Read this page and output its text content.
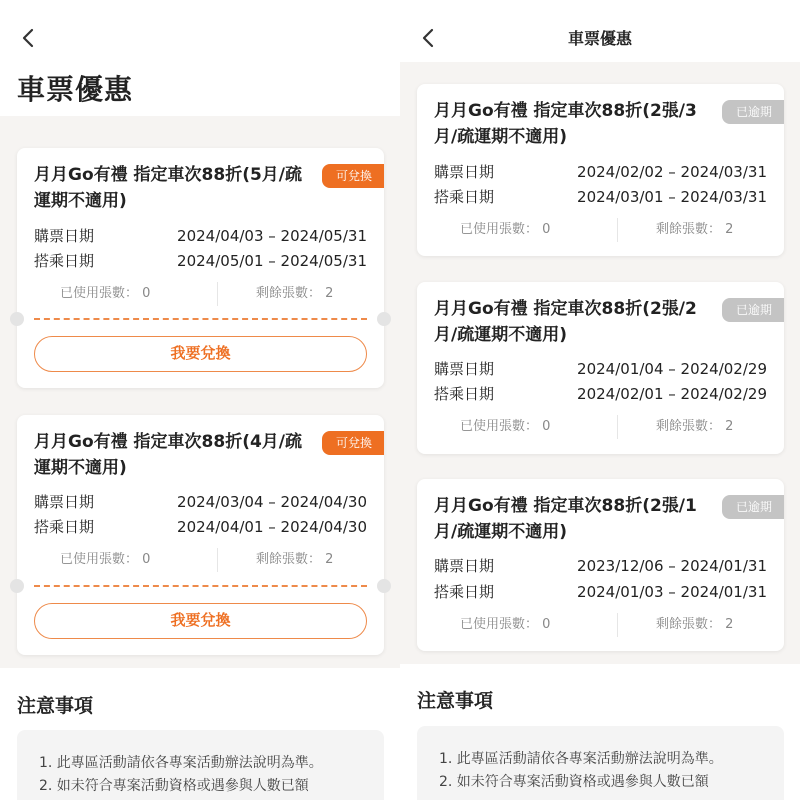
車票優惠
月月Go有禮 指定車次88折(5月/疏運期不適用)
可兌換
購票日期	2024/04/03 – 2024/05/31
搭乘日期	2024/05/01 – 2024/05/31
已使用張數： 0	剩餘張數： 2
我要兌換
月月Go有禮 指定車次88折(4月/疏運期不適用)
可兌換
購票日期	2024/03/04 – 2024/04/30
搭乘日期	2024/04/01 – 2024/04/30
已使用張數： 0	剩餘張數： 2
我要兌換
注意事項
1. 此專區活動請依各專案活動辦法說明為準。
2. 如未符合專案活動資格或遇參與人數已額
車票優惠
月月Go有禮 指定車次88折(2張/3月/疏運期不適用)
已逾期
購票日期	2024/02/02 – 2024/03/31
搭乘日期	2024/03/01 – 2024/03/31
已使用張數： 0	剩餘張數： 2
月月Go有禮 指定車次88折(2張/2月/疏運期不適用)
已逾期
購票日期	2024/01/04 – 2024/02/29
搭乘日期	2024/02/01 – 2024/02/29
已使用張數： 0	剩餘張數： 2
月月Go有禮 指定車次88折(2張/1月/疏運期不適用)
已逾期
購票日期	2023/12/06 – 2024/01/31
搭乘日期	2024/01/03 – 2024/01/31
已使用張數： 0	剩餘張數： 2
注意事項
1. 此專區活動請依各專案活動辦法說明為準。
2. 如未符合專案活動資格或遇參與人數已額
